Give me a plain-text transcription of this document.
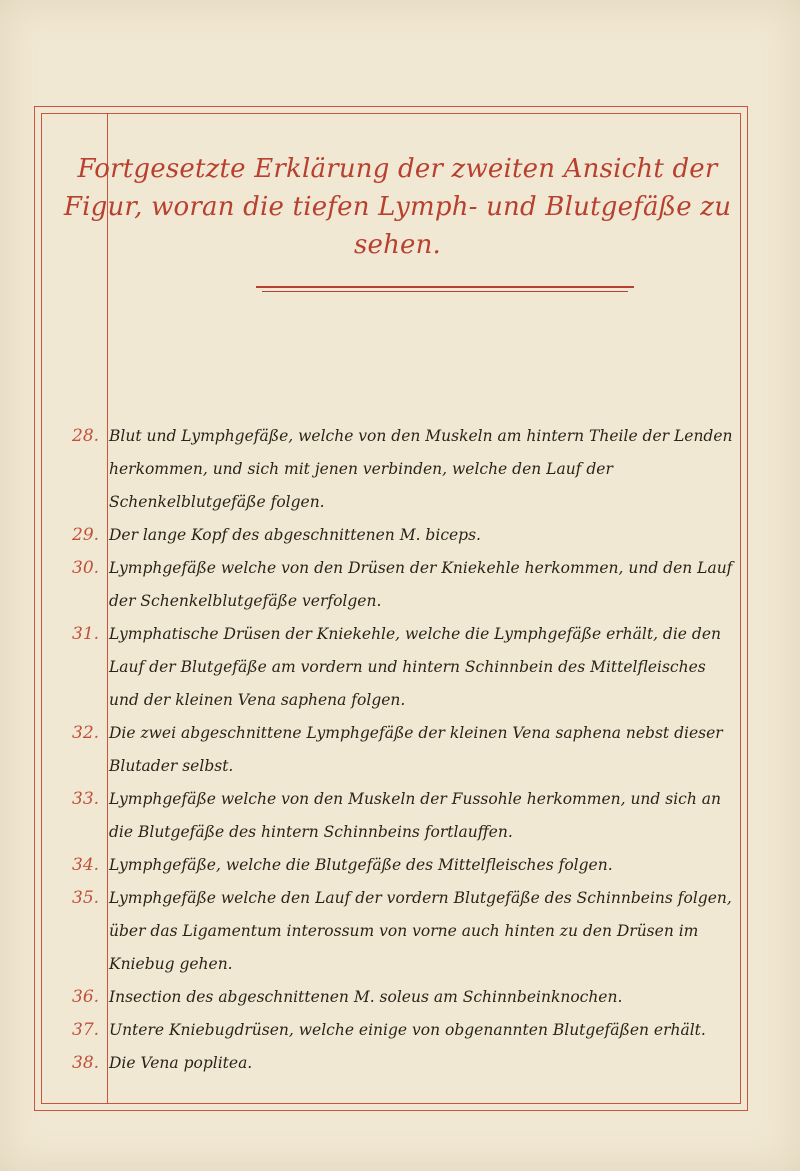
Fortgesetzte Erklärung der zweiten Ansicht der Figur, woran die tiefen Lymph- und Blutgefäße zu sehen.
28. Blut und Lymphgefäße, welche von den Muskeln am hintern Theile der Lenden herkommen, und sich mit jenen verbinden, welche den Lauf der Schenkelblutgefäße folgen.
29. Der lange Kopf des abgeschnittenen M. biceps.
30. Lymphgefäße welche von den Drüsen der Kniekehle herkommen, und den Lauf der Schenkelblutgefäße verfolgen.
31. Lymphatische Drüsen der Kniekehle, welche die Lymphgefäße erhält, die den Lauf der Blutgefäße am vordern und hintern Schinnbein des Mittelfleisches und der kleinen Vena saphena folgen.
32. Die zwei abgeschnittene Lymphgefäße der kleinen Vena saphena nebst dieser Blutader selbst.
33. Lymphgefäße welche von den Muskeln der Fussohle herkommen, und sich an die Blutgefäße des hintern Schinnbeins fortlauffen.
34. Lymphgefäße, welche die Blutgefäße des Mittelfleisches folgen.
35. Lymphgefäße welche den Lauf der vordern Blutgefäße des Schinnbeins folgen, über das Ligamentum interossum von vorne auch hinten zu den Drüsen im Kniebug gehen.
36. Insection des abgeschnittenen M. soleus am Schinnbeinknochen.
37. Untere Kniebugdrüsen, welche einige von obgenannten Blutgefäßen erhält.
38. Die Vena poplitea.
